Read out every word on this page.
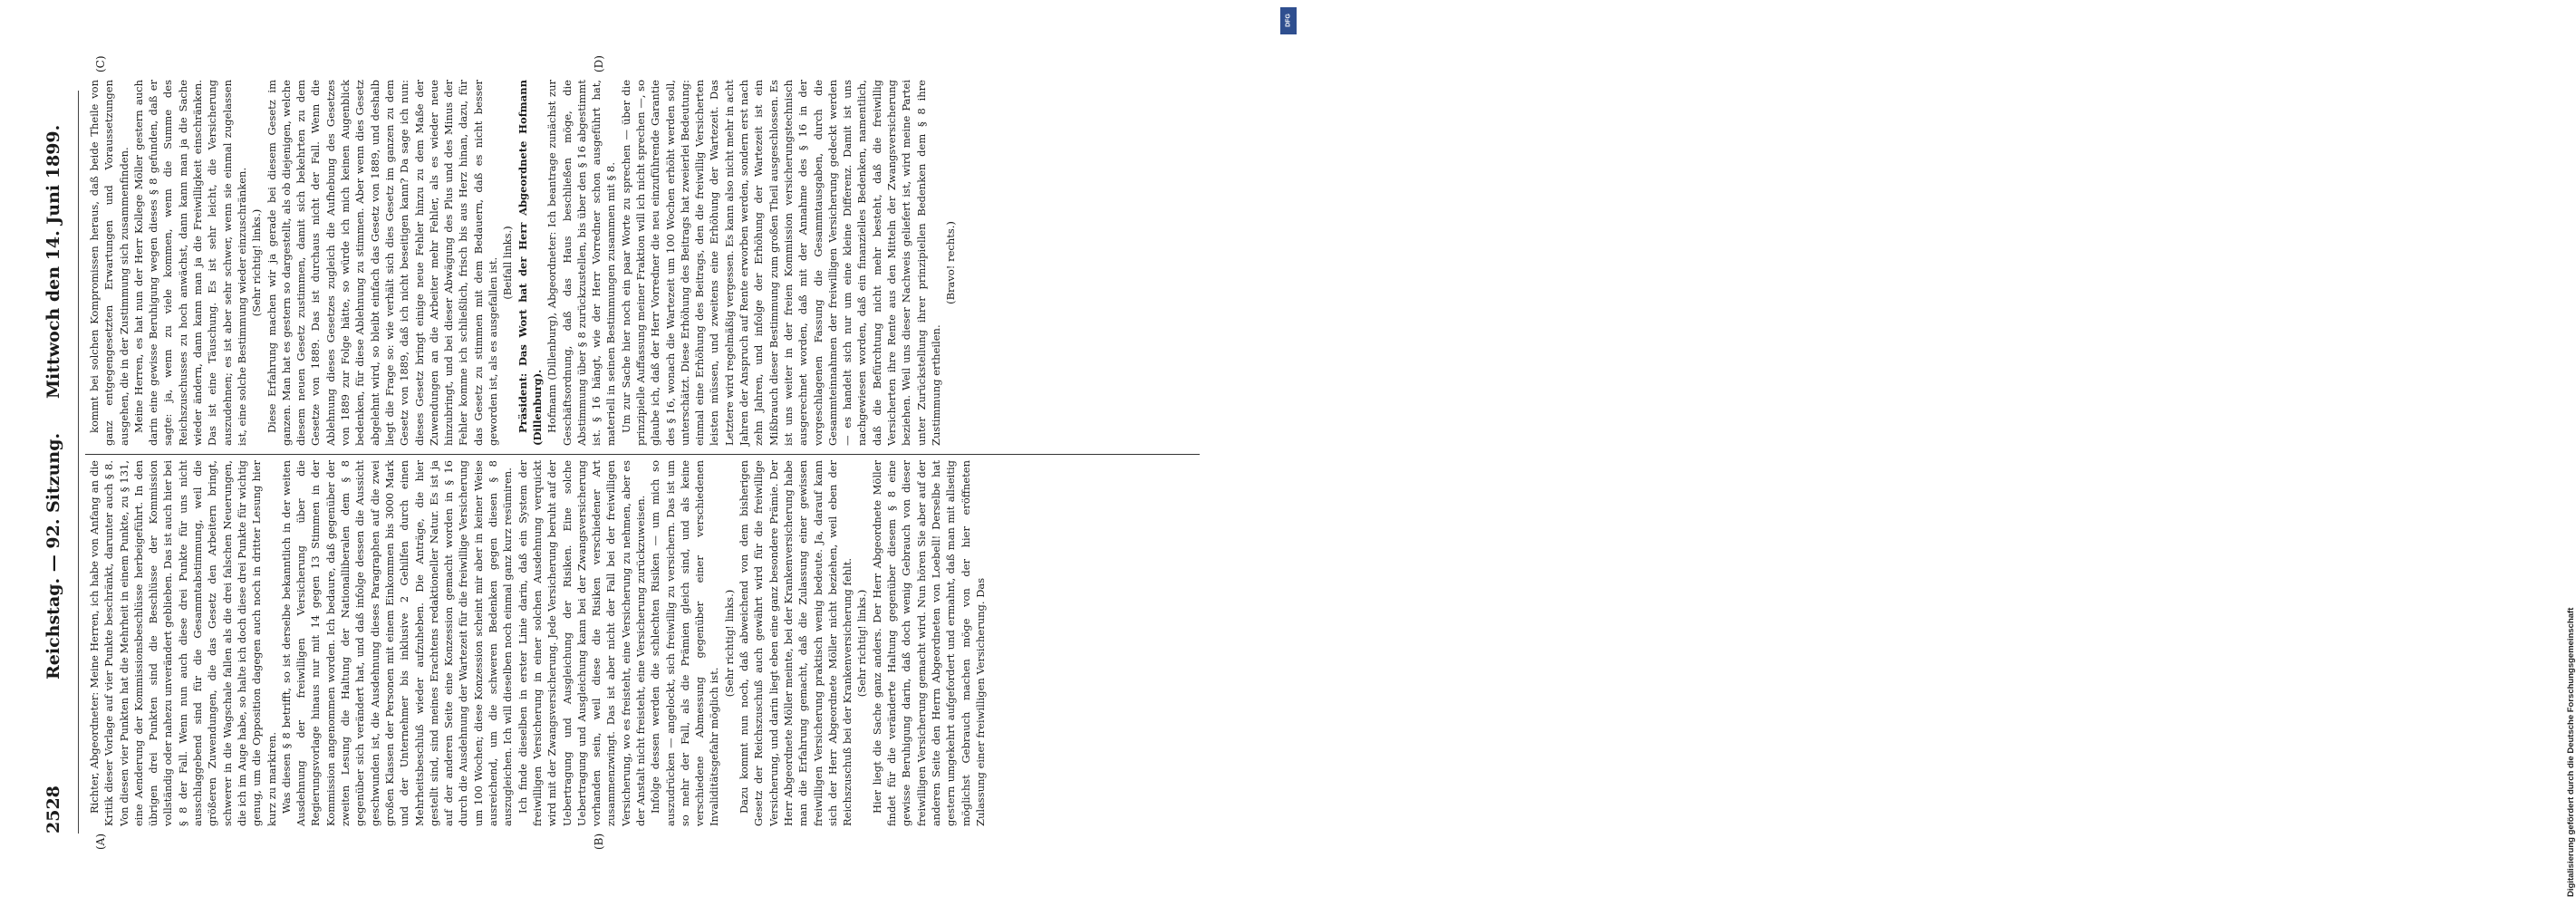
2528
Reichstag. — 92. Sitzung.
Mittwoch den 14. Juni 1899.
(A)	(B)
(C)	(D)

Richter, Abgeordneter: Meine Herren, ich habe von Anfang an die Kritik dieser Vorlage auf vier Punkte beschränkt, darunter auch § 8. Von diesen vier Punkten hat die Mehrheit in einem Punkte, zu § 131, eine Aenderung der Kommissionsbeschlüsse herbeigeführt. In den übrigen drei Punkten sind die Beschlüsse der Kommission vollständig oder nahezu unverändert geblieben. Das ist auch hier bei § 8 der Fall. Wenn nun auch diese drei Punkte für uns nicht ausschlaggebend sind für die Gesammtabstimmung, weil die größeren Zuwendungen, die das Gesetz den Arbeitern bringt, schwerer in die Wagschale fallen als die drei falschen Neuerungen, die ich im Auge habe, so halte ich doch diese drei Punkte für wichtig genug, um die Opposition dagegen auch noch in dritter Lesung hier kurz zu markiren. Was diesen § 8 betrifft, so ist derselbe bekanntlich in der weiten Ausdehnung der freiwilligen Versicherung über die Regierungsvorlage hinaus nur mit 14 gegen 13 Stimmen in der Kommission angenommen worden. Ich bedaure, daß gegenüber der zweiten Lesung die Haltung der Nationalliberalen dem § 8 gegenüber sich verändert hat, und daß infolge dessen die Aussicht geschwunden ist, die Ausdehnung dieses Paragraphen auf die zwei großen Klassen der Personen mit einem Einkommen bis 3000 Mark und der Unternehmer bis inklusive 2 Gehilfen durch einen Mehrheitsbeschluß wieder aufzuheben. Die Anträge, die hier gestellt sind, sind meines Erachtens redaktioneller Natur. Es ist ja auf der anderen Seite eine Konzession gemacht worden in § 16 durch die Ausdehnung der Wartezeit für die freiwillige Versicherung um 100 Wochen; diese Konzession scheint mir aber in keiner Weise ausreichend, um die schweren Bedenken gegen diesen § 8 auszugleichen. Ich will dieselben noch einmal ganz kurz resümiren. Ich finde dieselben in erster Linie darin, daß ein System der freiwilligen Versicherung in einer solchen Ausdehnung verquickt wird mit der Zwangsversicherung. Jede Versicherung beruht auf der Uebertragung und Ausgleichung der Risiken. Eine solche Uebertragung und Ausgleichung kann bei der Zwangsversicherung vorhanden sein, weil diese die Risiken verschiedener Art zusammenzwingt. Das ist aber nicht der Fall bei der freiwilligen Versicherung, wo es freisteht, eine Versicherung zu nehmen, aber es der Anstalt nicht freisteht, eine Versicherung zurückzuweisen. Infolge dessen werden die schlechten Risiken — um mich so auszudrücken — angelockt, sich freiwillig zu versichern. Das ist um so mehr der Fall, als die Prämien gleich sind, und als keine verschiedene Abmessung gegenüber einer verschiedenen Invaliditätsgefahr möglich ist.

(Sehr richtig! links.) Dazu kommt nun noch, daß abweichend von dem bisherigen Gesetz der Reichszuschuß auch gewährt wird für die freiwillige Versicherung, und darin liegt eben eine ganz besondere Prämie. Der Herr Abgeordnete Möller meinte, bei der Krankenversicherung habe man die Erfahrung gemacht, daß die Zulassung einer gewissen freiwilligen Versicherung praktisch wenig bedeute. Ja, darauf kann sich der Herr Abgeordnete Möller nicht beziehen, weil eben der Reichszuschuß bei der Krankenversicherung fehlt. (Sehr richtig! links.) Hier liegt die Sache ganz anders. Der Herr Abgeordnete Möller findet für die veränderte Haltung gegenüber diesem § 8 eine gewisse Beruhigung darin, daß doch wenig Gebrauch von dieser freiwilligen Versicherung gemacht wird. Nun hören Sie aber auf der anderen Seite den Herrn Abgeordneten von Loebell! Derselbe hat gestern umgekehrt aufgefordert und ermahnt, daß man mit allseitig möglichst Gebrauch machen möge von der hier eröffneten Zulassung einer freiwilligen Versicherung. Das

kommt bei solchen Kompromissen heraus, daß beide Theile von ganz entgegengesetzten Erwartungen und Voraussetzungen ausgehen, die in der Zustimmung sich zusammenfinden. Meine Herren, es hat nun der Herr Kollege Möller gestern auch darin eine gewisse Beruhigung wegen dieses § 8 gefunden, daß er sagte: ja, wenn zu viele kommen, wenn die Summe des Reichszuschusses zu hoch anwächst, dann kann man ja die Sache wieder ändern, dann kann man ja die Freiwilligkeit einschränken. Das ist eine Täuschung. Es ist sehr leicht, die Versicherung auszudehnen; es ist aber sehr schwer, wenn sie einmal zugelassen ist, eine solche Bestimmung wieder einzuschränken. (Sehr richtig! links.) Diese Erfahrung machen wir ja gerade bei diesem Gesetz im ganzen. Man hat es gestern so dargestellt, als ob diejenigen, welche diesem neuen Gesetz zustimmen, damit sich bekehrten zu dem Gesetze von 1889. Das ist durchaus nicht der Fall. Wenn die Ablehnung dieses Gesetzes zugleich die Aufhebung des Gesetzes von 1889 zur Folge hätte, so würde ich mich keinen Augenblick bedenken, für diese Ablehnung zu stimmen. Aber wenn dies Gesetz abgelehnt wird, so bleibt einfach das Gesetz von 1889, und deshalb liegt die Frage so: wie verhält sich dies Gesetz im ganzen zu dem Gesetz von 1889, daß ich nicht beseitigen kann? Da sage ich nun: dieses Gesetz bringt einige neue Fehler hinzu zu dem Maße der Zuwendungen an die Arbeiter mehr Fehler, als es wieder neue hinzubringt, und bei dieser Abwägung des Plus und des Minus der Fehler komme ich schließlich, frisch bis aus Herz hinan, dazu, für das Gesetz zu stimmen mit dem Bedauern, daß es nicht besser geworden ist, als es ausgefallen ist. (Beifall links.) Präsident: Das Wort hat der Herr Abgeordnete Hofmann (Dillenburg). Hofmann (Dillenburg), Abgeordneter: Ich beantrage zunächst zur Geschäftsordnung, daß das Haus beschließen möge, die Abstimmung über § 8 zurückzustellen, bis über den § 16 abgestimmt ist. § 16 hängt, wie der Herr Vorredner schon ausgeführt hat, materiell in seinen Bestimmungen zusammen mit § 8. Um zur Sache hier noch ein paar Worte zu sprechen — über die prinzipielle Auffassung meiner Fraktion will ich nicht sprechen —, so glaube ich, daß der Herr Vorredner die neu einzuführende Garantie des § 16, wonach die Wartezeit um 100 Wochen erhöht werden soll, unterschätzt. Diese Erhöhung des Beitrags hat zweierlei Bedeutung: einmal eine Erhöhung des Beitrags, den die freiwillig Versicherten leisten müssen, und zweitens eine Erhöhung der Wartezeit. Das Letztere wird regelmäßig vergessen. Es kann also nicht mehr in acht Jahren der Anspruch auf Rente erworben werden, sondern erst nach zehn Jahren, und infolge der Erhöhung der Wartezeit ist ein Mißbrauch dieser Bestimmung zum großen Theil ausgeschlossen. Es ist uns weiter in der freien Kommission versicherungstechnisch ausgerechnet worden, daß mit der Annahme des § 16 in der vorgeschlagenen Fassung die Gesammtausgaben, durch die Gesammteinnahmen der freiwilligen Versicherung gedeckt werden — es handelt sich nur um eine kleine Differenz. Damit ist uns nachgewiesen worden, daß ein finanzielles Bedenken, namentlich, daß die Befürchtung nicht mehr besteht, daß die freiwillig Versicherten ihre Rente aus den Mitteln der Zwangsversicherung beziehen. Weil uns dieser Nachweis geliefert ist, wird meine Partei unter Zurückstellung ihrer prinzipiellen Bedenken dem § 8 ihre Zustimmung ertheilen.

(Bravo! rechts.)

Digitalisierung gefördert durch die Deutsche Forschungsgemeinschaft
DFG
